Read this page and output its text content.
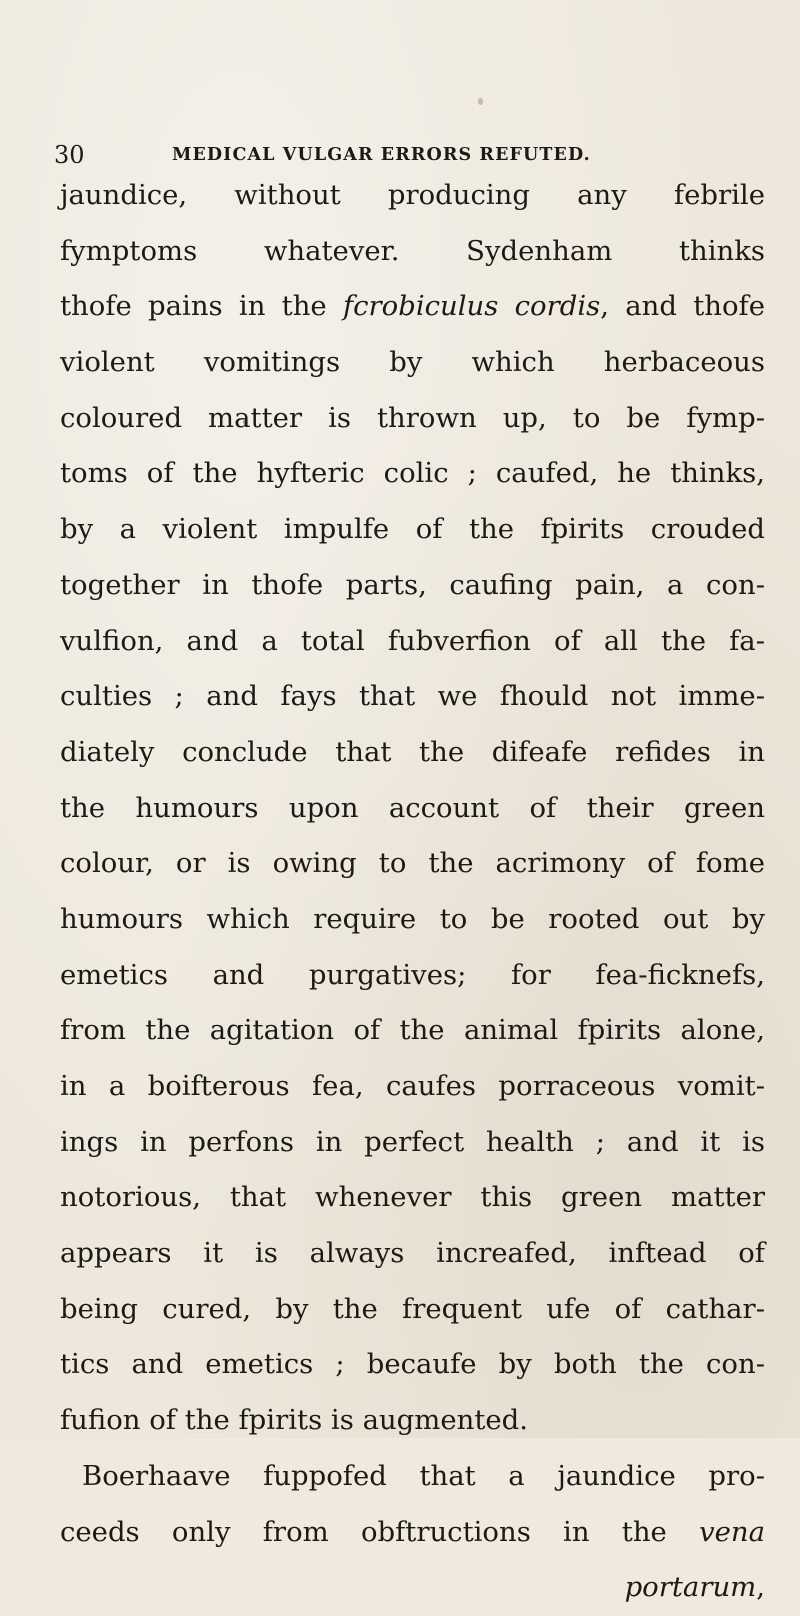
30	MEDICAL VULGAR ERRORS REFUTED.
jaundice, without producing any febrile
fymptoms whatever. Sydenham thinks
thofe pains in the fcrobiculus cordis, and thofe
violent vomitings by which herbaceous
coloured matter is thrown up, to be fymp-
toms of the hyfteric colic ; caufed, he thinks,
by a violent impulfe of the fpirits crouded
together in thofe parts, caufing pain, a con-
vulfion, and a total fubverfion of all the fa-
culties ; and fays that we fhould not imme-
diately conclude that the difeafe refides in
the humours upon account of their green
colour, or is owing to the acrimony of fome
humours which require to be rooted out by
emetics and purgatives; for fea-ficknefs,
from the agitation of the animal fpirits alone,
in a boifterous fea, caufes porraceous vomit-
ings in perfons in perfect health ; and it is
notorious, that whenever this green matter
appears it is always increafed, inftead of
being cured, by the frequent ufe of cathar-
tics and emetics ; becaufe by both the con-
fufion of the fpirits is augmented.
Boerhaave fuppofed that a jaundice pro-
ceeds only from obftructions in the vena
portarum,
